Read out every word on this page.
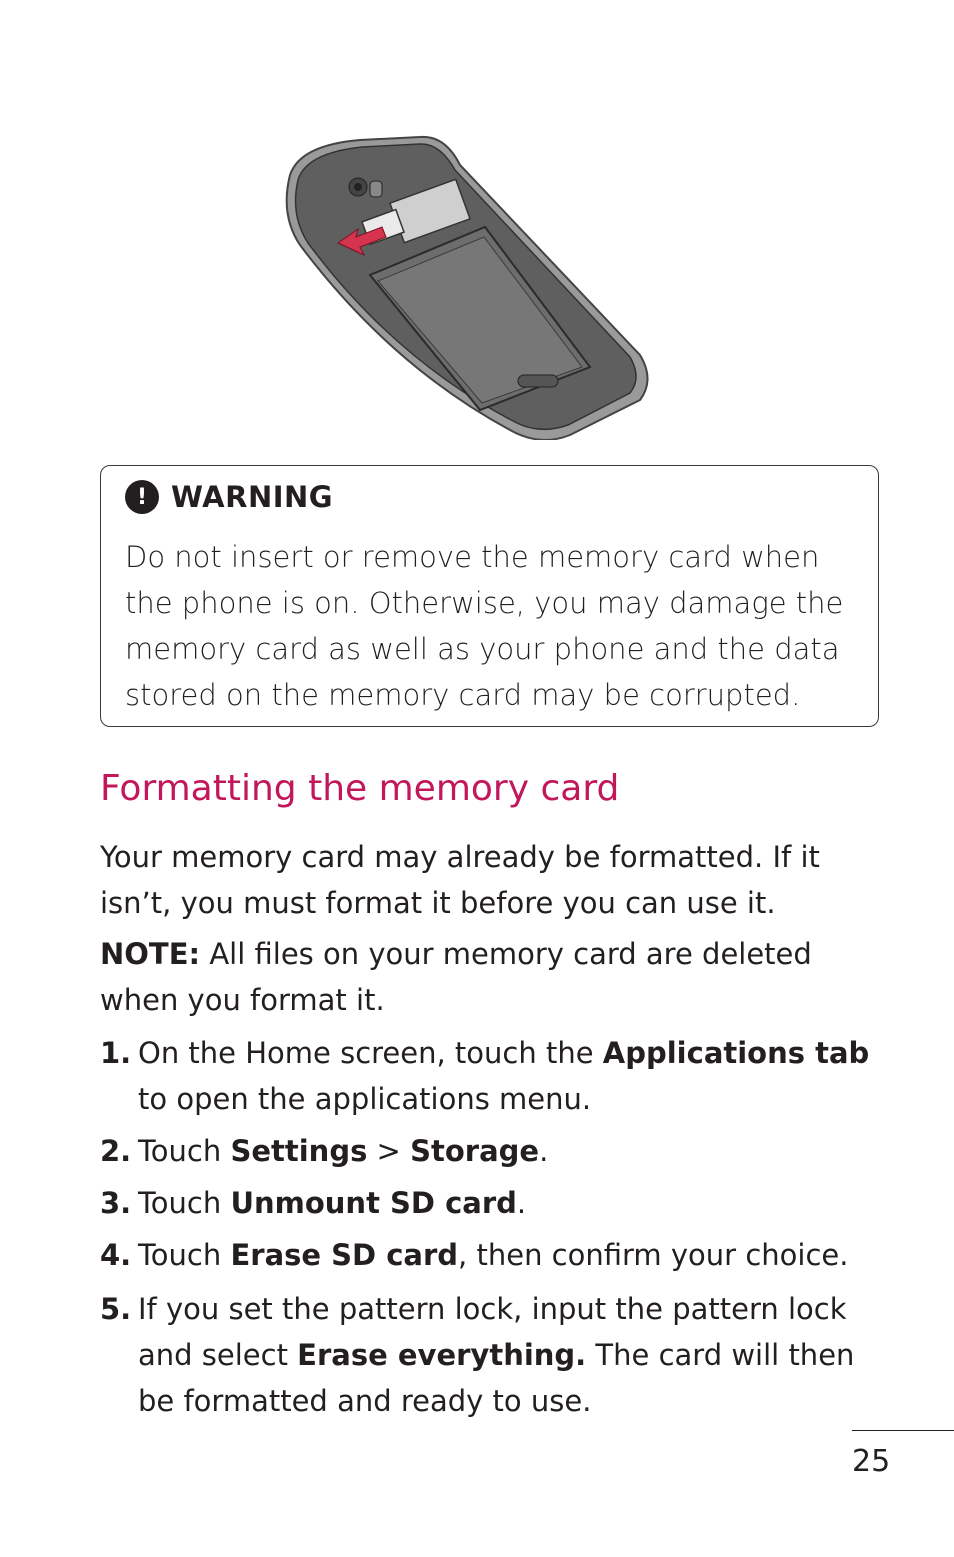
! WARNING
Do not insert or remove the memory card when the phone is on. Otherwise, you may damage the memory card as well as your phone and the data stored on the memory card may be corrupted.
Formatting the memory card
Your memory card may already be formatted. If it isn’t, you must format it before you can use it.
NOTE: All files on your memory card are deleted when you format it.
1. On the Home screen, touch the Applications tab to open the applications menu.
2. Touch Settings > Storage.
3. Touch Unmount SD card.
4. Touch Erase SD card, then confirm your choice.
5. If you set the pattern lock, input the pattern lock and select Erase everything. The card will then be formatted and ready to use.
25
